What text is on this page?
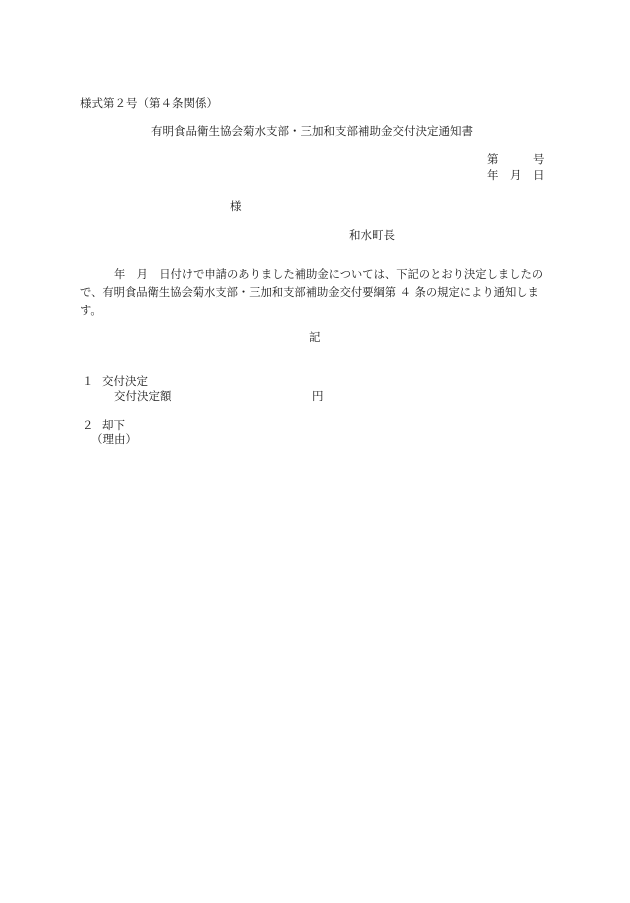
様式第２号（第４条関係）
有明食品衛生協会菊水支部・三加和支部補助金交付決定通知書
第　　　号
年　月　日
様
和水町長
年　月　日付けで申請のありました補助金については、下記のとおり決定しましたので、有明食品衛生協会菊水支部・三加和支部補助金交付要綱第 ４ 条の規定により通知します。
記
１ 交付決定
交付決定額	円
２ 却下
（理由）
